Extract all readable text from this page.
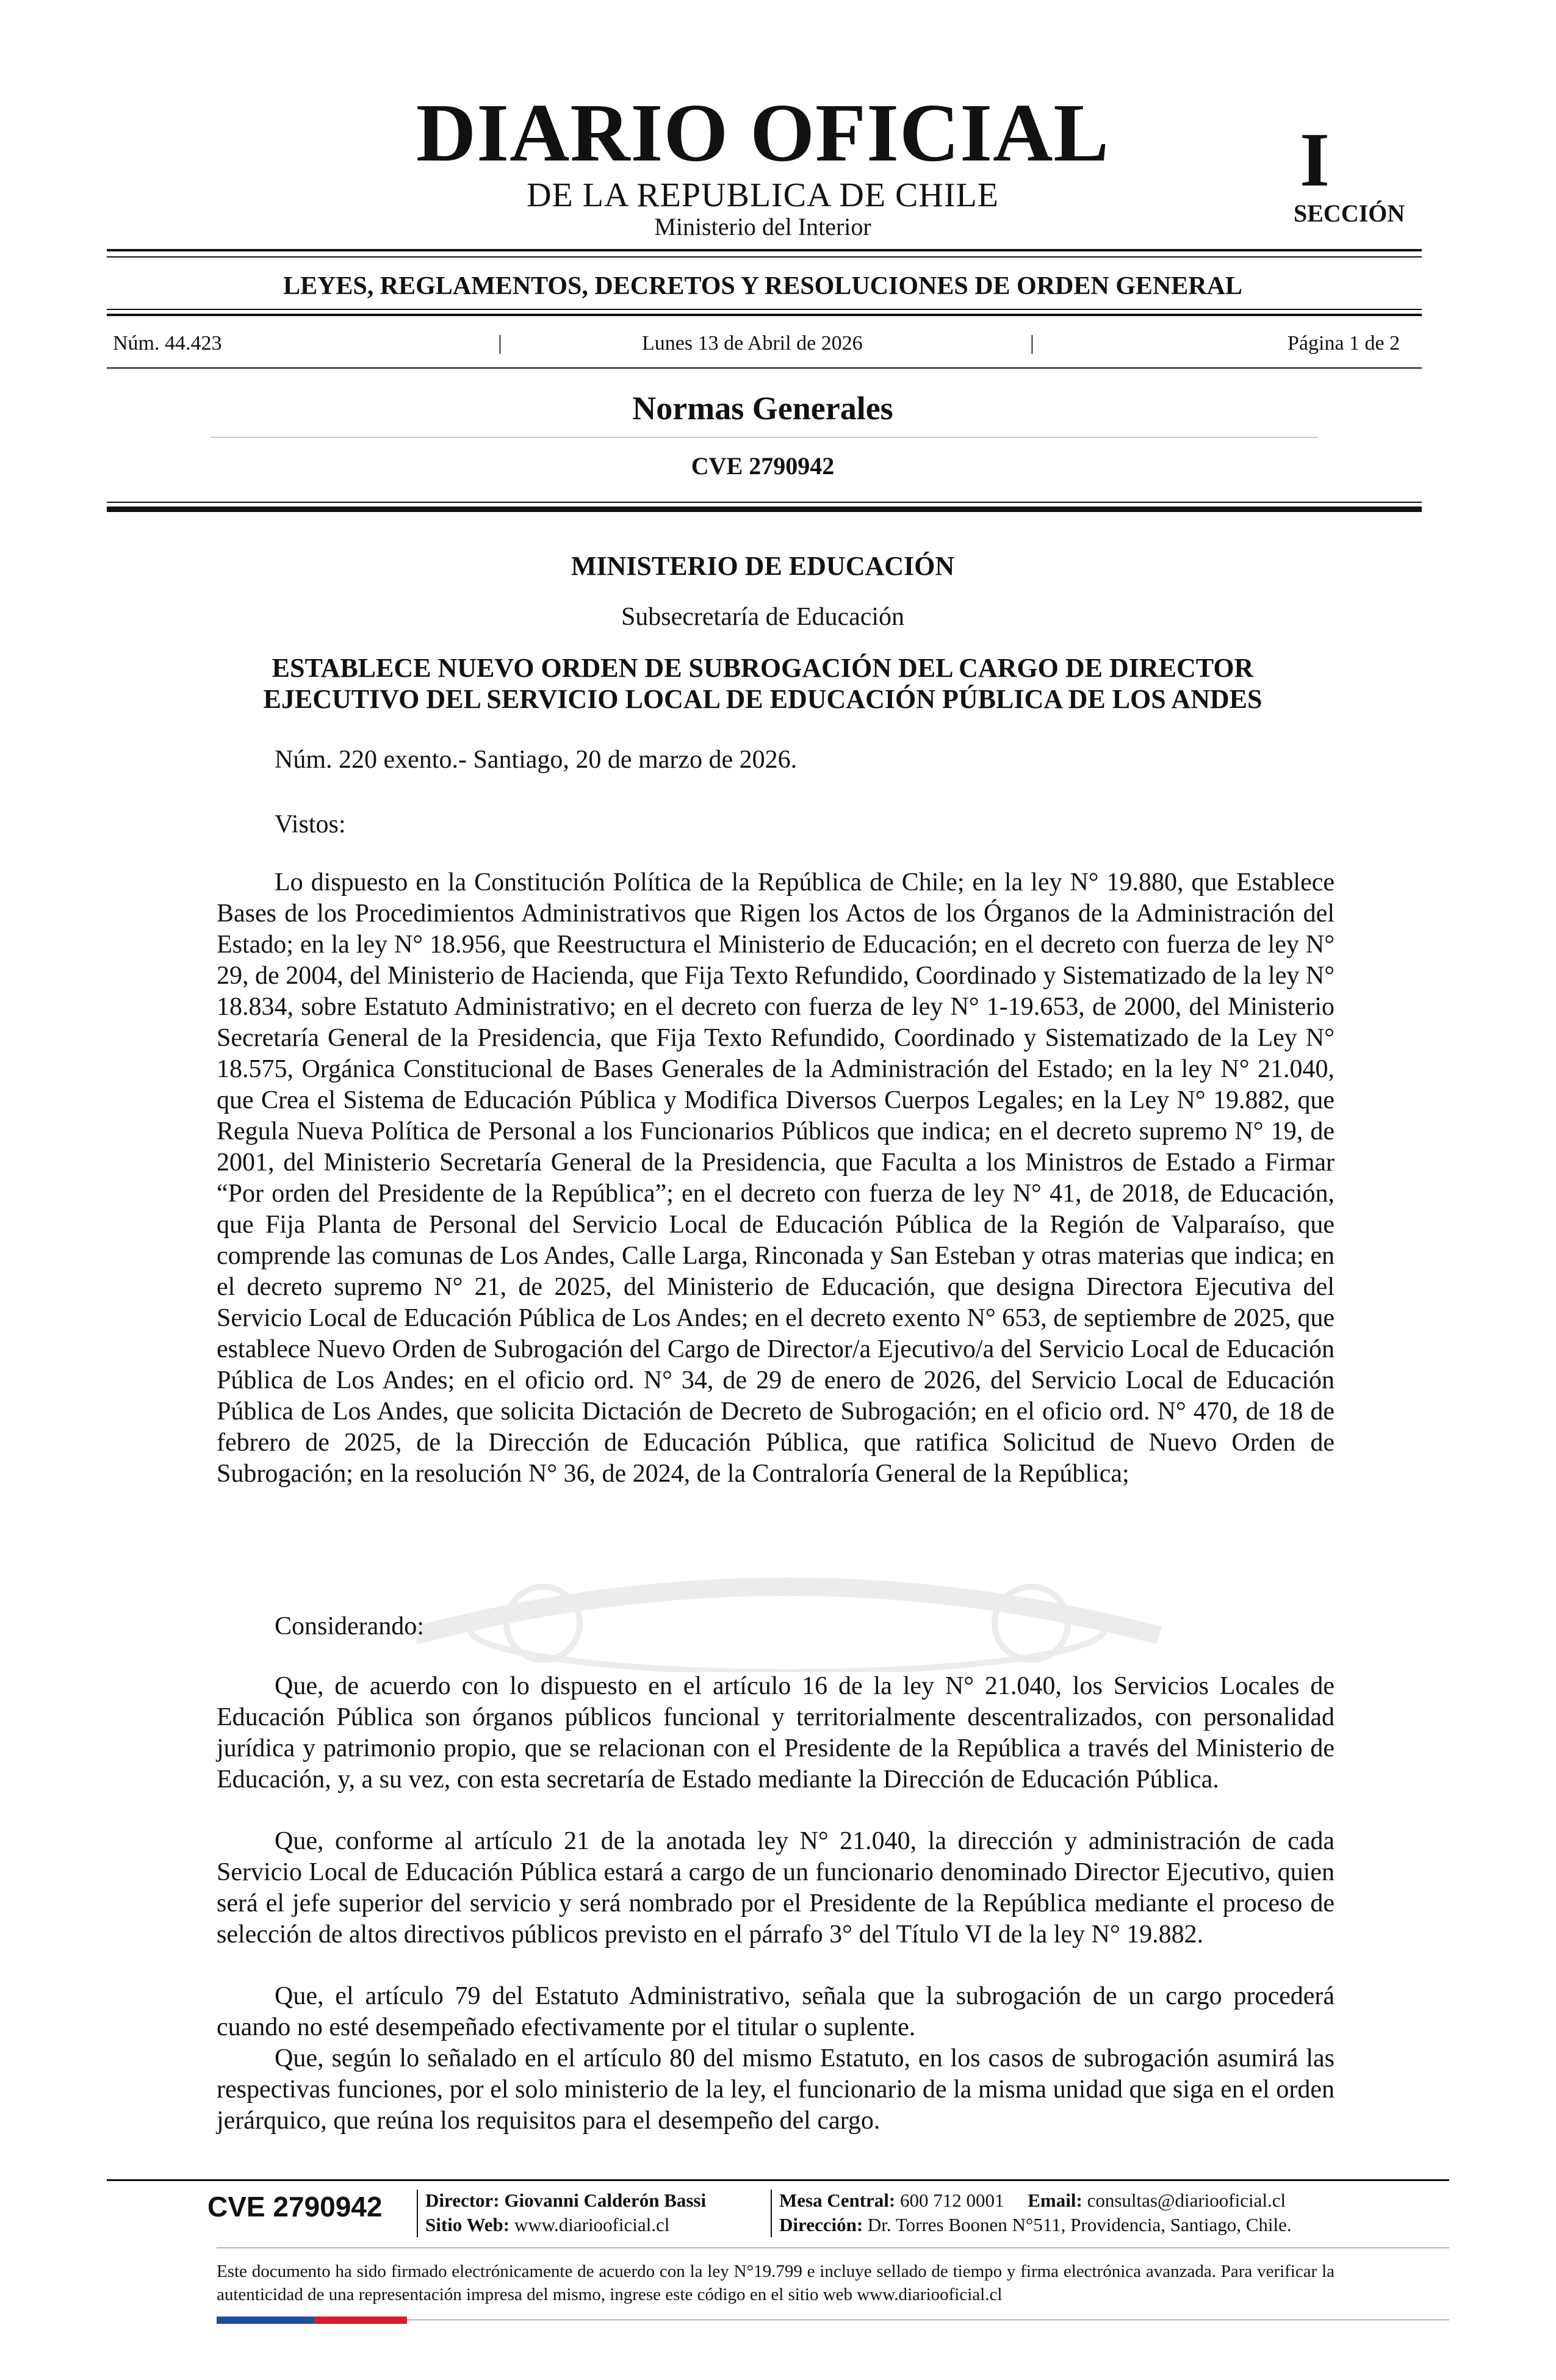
DIARIO OFICIAL
DE LA REPUBLICA DE CHILE
Ministerio del Interior
I
SECCIÓN
LEYES, REGLAMENTOS, DECRETOS Y RESOLUCIONES DE ORDEN GENERAL
Núm. 44.423	|	Lunes 13 de Abril de 2026	|	Página 1 de 2
Normas Generales
CVE 2790942
MINISTERIO DE EDUCACIÓN
Subsecretaría de Educación
ESTABLECE NUEVO ORDEN DE SUBROGACIÓN DEL CARGO DE DIRECTOR
EJECUTIVO DEL SERVICIO LOCAL DE EDUCACIÓN PÚBLICA DE LOS ANDES
Núm. 220 exento.- Santiago, 20 de marzo de 2026.
Vistos:
Lo dispuesto en la Constitución Política de la República de Chile; en la ley N° 19.880, que Establece Bases de los Procedimientos Administrativos que Rigen los Actos de los Órganos de la Administración del Estado; en la ley N° 18.956, que Reestructura el Ministerio de Educación; en el decreto con fuerza de ley N° 29, de 2004, del Ministerio de Hacienda, que Fija Texto Refundido, Coordinado y Sistematizado de la ley N° 18.834, sobre Estatuto Administrativo; en el decreto con fuerza de ley N° 1-19.653, de 2000, del Ministerio Secretaría General de la Presidencia, que Fija Texto Refundido, Coordinado y Sistematizado de la Ley N° 18.575, Orgánica Constitucional de Bases Generales de la Administración del Estado; en la ley N° 21.040, que Crea el Sistema de Educación Pública y Modifica Diversos Cuerpos Legales; en la Ley N° 19.882, que Regula Nueva Política de Personal a los Funcionarios Públicos que indica; en el decreto supremo N° 19, de 2001, del Ministerio Secretaría General de la Presidencia, que Faculta a los Ministros de Estado a Firmar “Por orden del Presidente de la República”; en el decreto con fuerza de ley N° 41, de 2018, de Educación, que Fija Planta de Personal del Servicio Local de Educación Pública de la Región de Valparaíso, que comprende las comunas de Los Andes, Calle Larga, Rinconada y San Esteban y otras materias que indica; en el decreto supremo N° 21, de 2025, del Ministerio de Educación, que designa Directora Ejecutiva del Servicio Local de Educación Pública de Los Andes; en el decreto exento N° 653, de septiembre de 2025, que establece Nuevo Orden de Subrogación del Cargo de Director/a Ejecutivo/a del Servicio Local de Educación Pública de Los Andes; en el oficio ord. N° 34, de 29 de enero de 2026, del Servicio Local de Educación Pública de Los Andes, que solicita Dictación de Decreto de Subrogación; en el oficio ord. N° 470, de 18 de febrero de 2025, de la Dirección de Educación Pública, que ratifica Solicitud de Nuevo Orden de Subrogación; en la resolución N° 36, de 2024, de la Contraloría General de la República;
Considerando:
Que, de acuerdo con lo dispuesto en el artículo 16 de la ley N° 21.040, los Servicios Locales de Educación Pública son órganos públicos funcional y territorialmente descentralizados, con personalidad jurídica y patrimonio propio, que se relacionan con el Presidente de la República a través del Ministerio de Educación, y, a su vez, con esta secretaría de Estado mediante la Dirección de Educación Pública.
Que, conforme al artículo 21 de la anotada ley N° 21.040, la dirección y administración de cada Servicio Local de Educación Pública estará a cargo de un funcionario denominado Director Ejecutivo, quien será el jefe superior del servicio y será nombrado por el Presidente de la República mediante el proceso de selección de altos directivos públicos previsto en el párrafo 3° del Título VI de la ley N° 19.882.
Que, el artículo 79 del Estatuto Administrativo, señala que la subrogación de un cargo procederá cuando no esté desempeñado efectivamente por el titular o suplente.
Que, según lo señalado en el artículo 80 del mismo Estatuto, en los casos de subrogación asumirá las respectivas funciones, por el solo ministerio de la ley, el funcionario de la misma unidad que siga en el orden jerárquico, que reúna los requisitos para el desempeño del cargo.
CVE 2790942 Director: Giovanni Calderón Bassi
Sitio Web: www.diariooficial.cl
Mesa Central: 600 712 0001 Email: consultas@diariooficial.cl
Dirección: Dr. Torres Boonen N°511, Providencia, Santiago, Chile.
Este documento ha sido firmado electrónicamente de acuerdo con la ley N°19.799 e incluye sellado de tiempo y firma electrónica avanzada. Para verificar la autenticidad de una representación impresa del mismo, ingrese este código en el sitio web www.diariooficial.cl
